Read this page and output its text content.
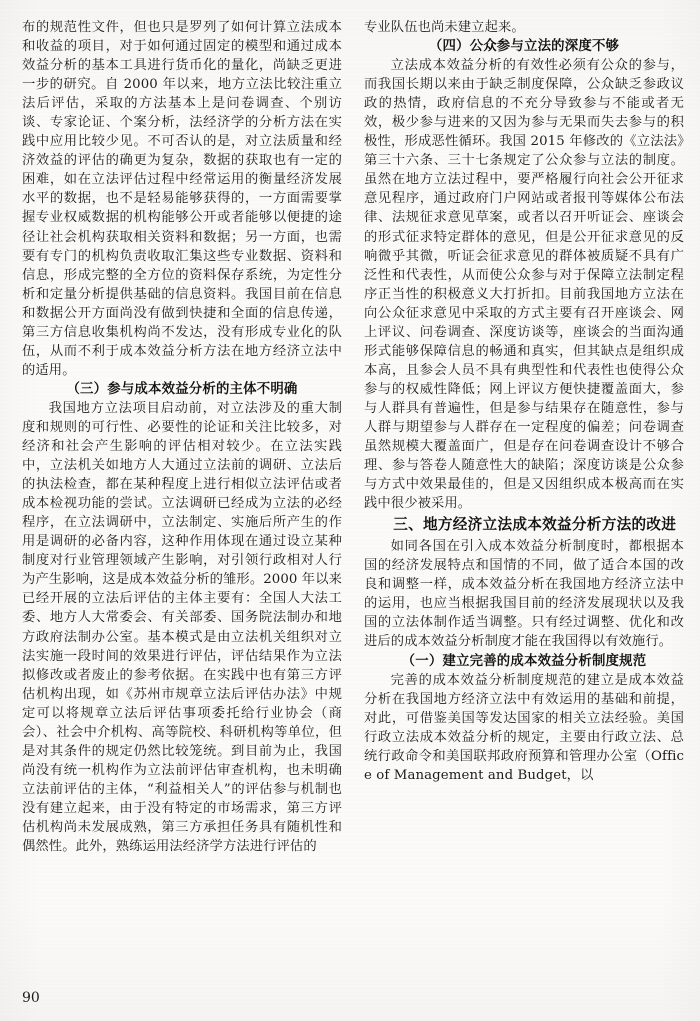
布的规范性文件，但也只是罗列了如何计算立法成本和收益的项目，对于如何通过固定的模型和通过成本效益分析的基本工具进行货币化的量化，尚缺乏更进一步的研究。自 2000 年以来，地方立法比较注重立法后评估，采取的方法基本上是问卷调查、个别访谈、专家论证、个案分析，法经济学的分析方法在实践中应用比较少见。不可否认的是，对立法质量和经济效益的评估的确更为复杂，数据的获取也有一定的困难，如在立法评估过程中经常运用的衡量经济发展水平的数据，也不是轻易能够获得的，一方面需要掌握专业权威数据的机构能够公开或者能够以便捷的途径让社会机构获取相关资料和数据；另一方面，也需要有专门的机构负责收取汇集这些专业数据、资料和信息，形成完整的全方位的资料保存系统，为定性分析和定量分析提供基础的信息资料。我国目前在信息和数据公开方面尚没有做到快捷和全面的信息传递，第三方信息收集机构尚不发达，没有形成专业化的队伍，从而不利于成本效益分析方法在地方经济立法中的适用。

（三）参与成本效益分析的主体不明确

我国地方立法项目启动前，对立法涉及的重大制度和规则的可行性、必要性的论证和关注比较多，对经济和社会产生影响的评估相对较少。在立法实践中，立法机关如地方人大通过立法前的调研、立法后的执法检查，都在某种程度上进行相似立法评估或者成本检视功能的尝试。立法调研已经成为立法的必经程序，在立法调研中，立法制定、实施后所产生的作用是调研的必备内容，这种作用体现在通过设立某种制度对行业管理领域产生影响，对引领行政相对人行为产生影响，这是成本效益分析的雏形。2000 年以来已经开展的立法后评估的主体主要有：全国人大法工委、地方人大常委会、有关部委、国务院法制办和地方政府法制办公室。基本模式是由立法机关组织对立法实施一段时间的效果进行评估，评估结果作为立法拟修改或者废止的参考依据。在实践中也有第三方评估机构出现，如《苏州市规章立法后评估办法》中规定可以将规章立法后评估事项委托给行业协会（商会）、社会中介机构、高等院校、科研机构等单位，但是对其条件的规定仍然比较笼统。到目前为止，我国尚没有统一机构作为立法前评估审查机构，也未明确立法前评估的主体，“利益相关人”的评估参与机制也没有建立起来，由于没有特定的市场需求，第三方评估机构尚未发展成熟，第三方承担任务具有随机性和偶然性。此外，熟练运用法经济学方法进行评估的

专业队伍也尚未建立起来。

（四）公众参与立法的深度不够

立法成本效益分析的有效性必须有公众的参与，而我国长期以来由于缺乏制度保障，公众缺乏参政议政的热情，政府信息的不充分导致参与不能或者无效，极少参与进来的又因为参与无果而失去参与的积极性，形成恶性循环。我国 2015 年修改的《立法法》第三十六条、三十七条规定了公众参与立法的制度。虽然在地方立法过程中，要严格履行向社会公开征求意见程序，通过政府门户网站或者报刊等媒体公布法律、法规征求意见草案，或者以召开听证会、座谈会的形式征求特定群体的意见，但是公开征求意见的反响微乎其微，听证会征求意见的群体被质疑不具有广泛性和代表性，从而使公众参与对于保障立法制定程序正当性的积极意义大打折扣。目前我国地方立法在向公众征求意见中采取的方式主要有召开座谈会、网上评议、问卷调查、深度访谈等，座谈会的当面沟通形式能够保障信息的畅通和真实，但其缺点是组织成本高，且参会人员不具有典型性和代表性也使得公众参与的权威性降低；网上评议方便快捷覆盖面大，参与人群具有普遍性，但是参与结果存在随意性，参与人群与期望参与人群存在一定程度的偏差；问卷调查虽然规模大覆盖面广，但是存在问卷调查设计不够合理、参与答卷人随意性大的缺陷；深度访谈是公众参与方式中效果最佳的，但是又因组织成本极高而在实践中很少被采用。

三、地方经济立法成本效益分析方法的改进

如同各国在引入成本效益分析制度时，都根据本国的经济发展特点和国情的不同，做了适合本国的改良和调整一样，成本效益分析在我国地方经济立法中的运用，也应当根据我国目前的经济发展现状以及我国的立法体制作适当调整。只有经过调整、优化和改进后的成本效益分析制度才能在我国得以有效施行。

（一）建立完善的成本效益分析制度规范

完善的成本效益分析制度规范的建立是成本效益分析在我国地方经济立法中有效运用的基础和前提，对此，可借鉴美国等发达国家的相关立法经验。美国行政立法成本效益分析的规定，主要由行政立法、总统行政命令和美国联邦政府预算和管理办公室（Office of Management and Budget，以

90
